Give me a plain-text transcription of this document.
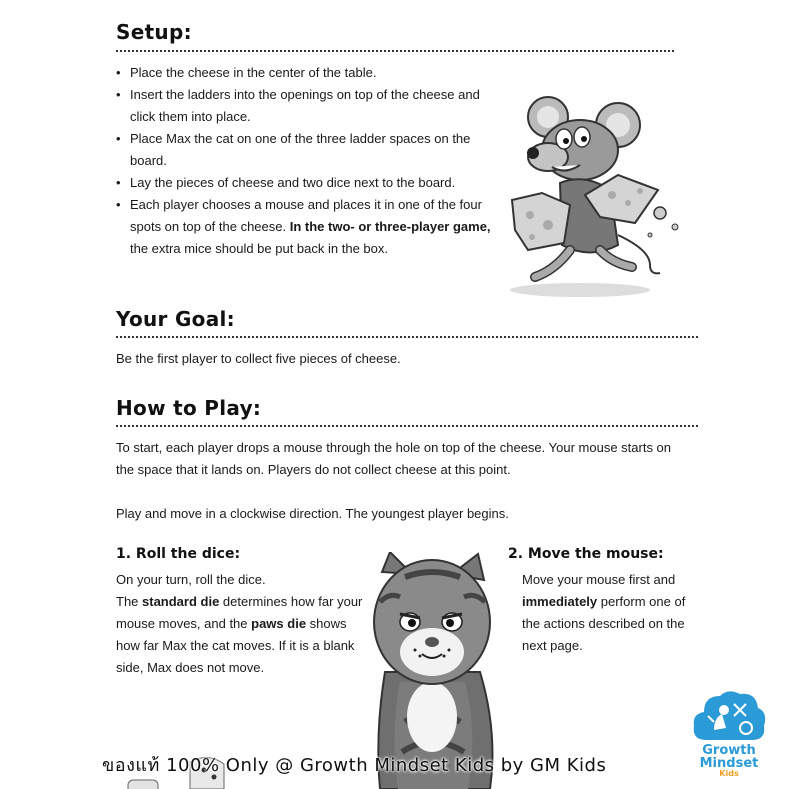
Setup:
• Place the cheese in the center of the table.
• Insert the ladders into the openings on top of the cheese and click them into place.
• Place Max the cat on one of the three ladder spaces on the board.
• Lay the pieces of cheese and two dice next to the board.
• Each player chooses a mouse and places it in one of the four spots on top of the cheese. In the two- or three-player game, the extra mice should be put back in the box.
Your Goal:

Be the first player to collect five pieces of cheese.

How to Play:

To start, each player drops a mouse through the hole on top of the cheese. Your mouse starts on the space that it lands on. Players do not collect cheese at this point.

Play and move in a clockwise direction. The youngest player begins.

1. Roll the dice:

On your turn, roll the dice.
The standard die determines how far your mouse moves, and the paws die shows how far Max the cat moves. If it is a blank side, Max does not move.

2. Move the mouse:

Move your mouse first and immediately perform one of the actions described on the next page.

Growth
Mindset
Kids
ของแท้ 100% Only @ Growth Mindset Kids by GM Kids
